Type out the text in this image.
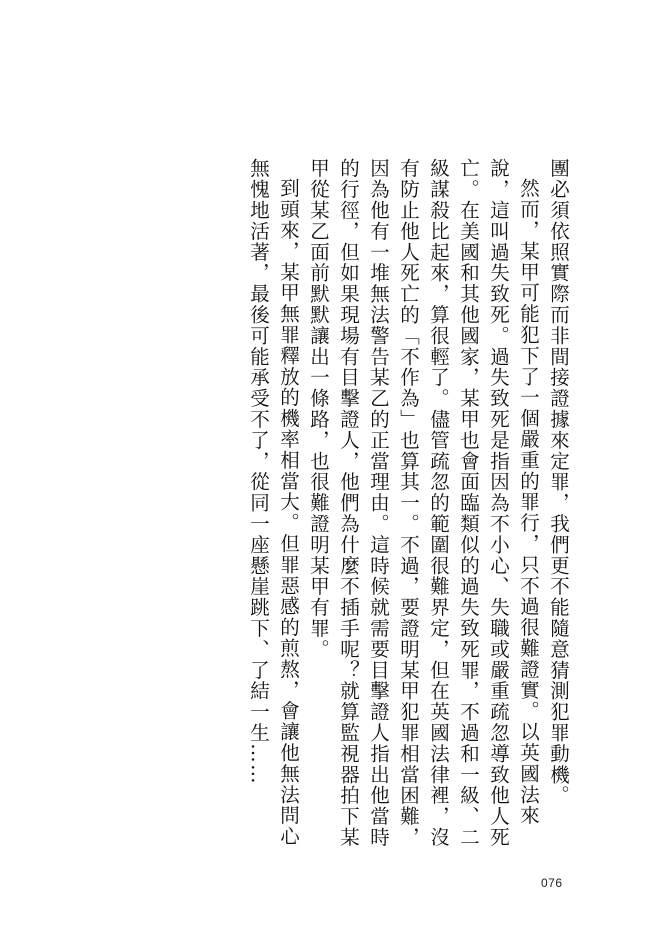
團必須依照實際而非間接證據來定罪，我們更不能隨意猜測犯罪動機。

然而，某甲可能犯下了一個嚴重的罪行，只不過很難證實。以英國法來說，這叫過失致死。過失致死是指因為不小心、失職或嚴重疏忽導致他人死亡。在美國和其他國家，某甲也會面臨類似的過失致死罪，不過和一級、二級謀殺比起來，算很輕了。儘管疏忽的範圍很難界定，但在英國法律裡，沒有防止他人死亡的「不作為」也算其一。不過，要證明某甲犯罪相當困難，因為他有一堆無法警告某乙的正當理由。這時候就需要目擊證人指出他當時的行徑，但如果現場有目擊證人，他們為什麼不插手呢？就算監視器拍下某甲從某乙面前默默讓出一條路，也很難證明某甲有罪。

到頭來，某甲無罪釋放的機率相當大。但罪惡感的煎熬，會讓他無法問心無愧地活著，最後可能承受不了，從同一座懸崖跳下、了結一生……

076
